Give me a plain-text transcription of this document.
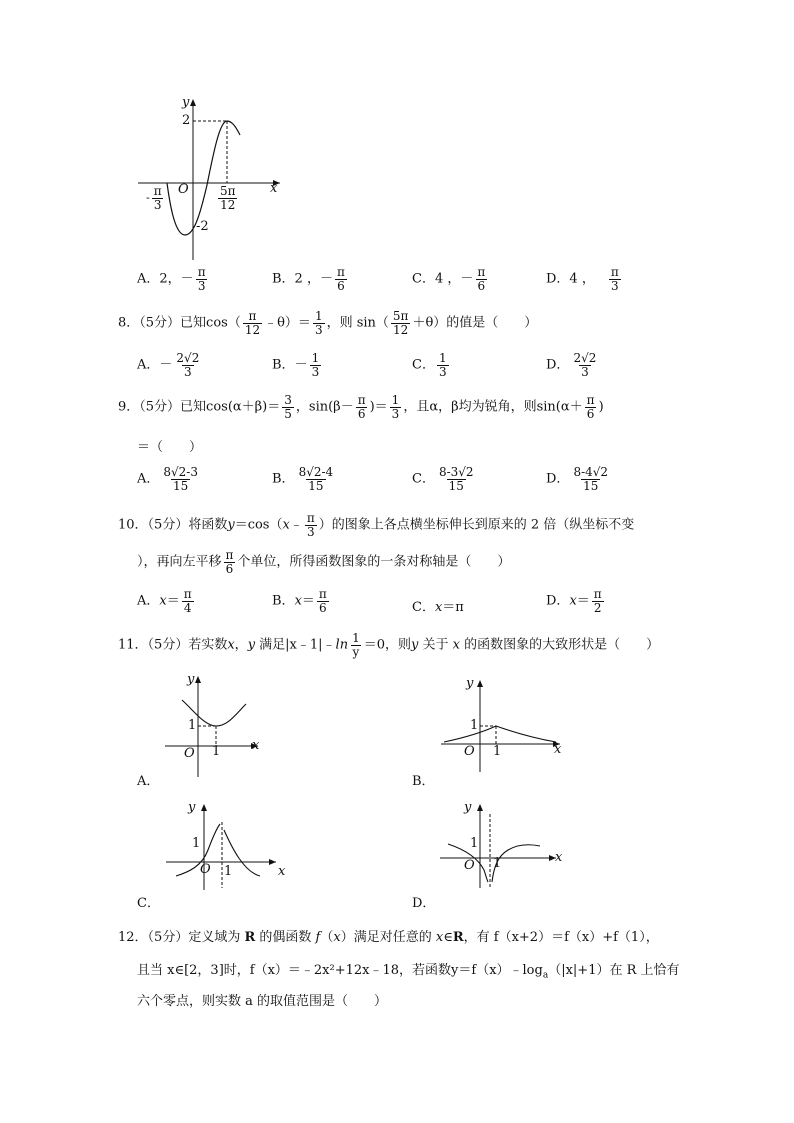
y
x
O
2
-2
- $\frac{\pi}{3}$	$\frac{5\pi}{12}$
A．2，－ $\frac{\pi}{3}$	B．2 ，－ $\frac{\pi}{6}$	C．4 ，－ $\frac{\pi}{6}$	D．4 ， $\frac{\pi}{3}$
8．（5分）已知$\cos( \frac{\pi}{12}$ ﹣θ）＝ $\frac{1}{3}$ ，则 $\sin( \frac{5\pi}{12} +\theta)$的值是（　　）
A．－ $\frac{2√2}{3}$	B．－ $\frac{1}{3}$	C． $\frac{1}{3}$	D． $\frac{2√2}{3}$
9．（5分）已知$\cos(\alpha+\beta)= \frac{3}{5}$ ，$\sin(\beta- \frac{\pi}{6}$ )＝ $\frac{1}{3}$ ，且α，β均为锐角，则$\sin(\alpha+ \frac{\pi}{6}$ )
＝（　　）
A． $\frac{8√2-3}{15}$	B． $\frac{8√2-4}{15}$	C． $\frac{8-3√2}{15}$	D． $\frac{8-4√2}{15}$
10．（5分）将函数y＝cos（x﹣ $\frac{\pi}{3}$ ）的图象上各点横坐标伸长到原来的 2 倍（纵坐标不变
），再向左平移 $\frac{\pi}{6}$ 个单位，所得函数图象的一条对称轴是（　　）
A．$x= \frac{\pi}{4}$	B．$x= \frac{\pi}{6}$	C．x＝π	D．$x= \frac{\pi}{2}$
11．（5分）若实数x，y 满足|x﹣1|﹣ln $\frac{1}{y} =0$，则y 关于 x 的函数图象的大致形状是（　　）
y
x
O
1
1
A．
y
x
O
1
1
B．
y
x
O
1
1
C．
y
x
O
1
1
D．
12．（5分）定义域为 R 的偶函数 f（x）满足对任意的 x∈R，有 f（x+2）＝f（x）+f（1），
且当 x∈[2，3]时，f（x）＝﹣2x²+12x﹣18，若函数$y=f(x)﹣\log_a(|x|+1)$在 R 上恰有
六个零点，则实数 a 的取值范围是（　　）
